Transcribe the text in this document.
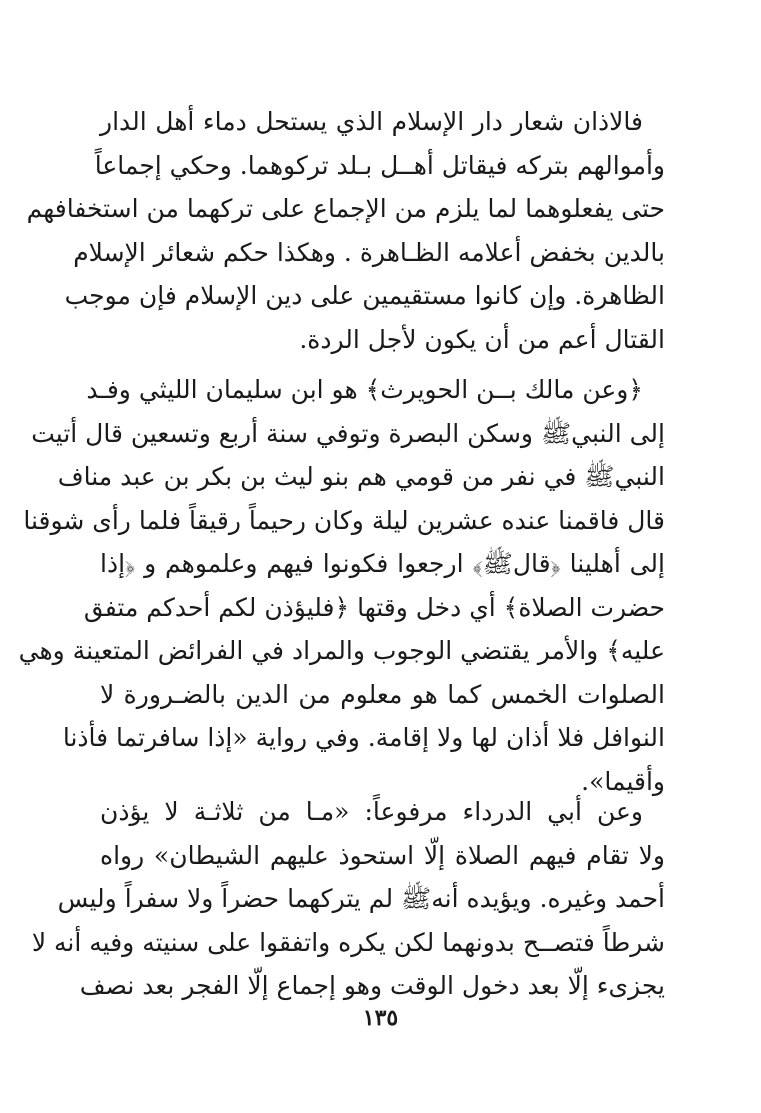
فالاذان شعار دار الإسلام الذي يستحل دماء أهل الدار
وأموالهم بتركه فيقاتل أهــل بـلد تركوهما. وحكي إجماعاً
حتى يفعلوهما لما يلزم من الإجماع على تركهما من استخفافهم
بالدين بخفض أعلامه الظـاهرة . وهكذا حكم شعائر الإسلام
الظاهرة. وإن كانوا مستقيمين على دين الإسلام فإن موجب
القتال أعم من أن يكون لأجل الردة.
﴿وعن مالك بــن الحويرث﴾ هو ابن سليمان الليثي وفـد
إلى النبيﷺ وسكن البصرة وتوفي سنة أربع وتسعين قال أتيت
النبيﷺ في نفر من قومي هم بنو ليث بن بكر بن عبد مناف
قال فاقمنا عنده عشرين ليلة وكان رحيماً رقيقاً فلما رأى شوقنا
إلى أهلينا ﴿قالﷺ﴾ ارجعوا فكونوا فيهم وعلموهم و ﴿إذا
حضرت الصلاة﴾ أي دخل وقتها ﴿فليؤذن لكم أحدكم متفق
عليه﴾ والأمر يقتضي الوجوب والمراد في الفرائض المتعينة وهي
الصلوات الخمس كما هو معلوم من الدين بالضـرورة لا
النوافل فلا أذان لها ولا إقامة. وفي رواية «إذا سافرتما فأذنا
وأقيما».
وعن أبي الدرداء مرفوعاً: «مـا من ثلاثـة لا يؤذن
ولا تقام فيهم الصلاة إلّا استحوذ عليهم الشيطان» رواه
أحمد وغيره. ويؤيده أنهﷺ لم يتركهما حضراً ولا سفراً وليس
شرطاً فتصــح بدونهما لكن يكره واتفقوا على سنيته وفيه أنه لا
يجزىء إلّا بعد دخول الوقت وهو إجماع إلّا الفجر بعد نصف
١٣٥
